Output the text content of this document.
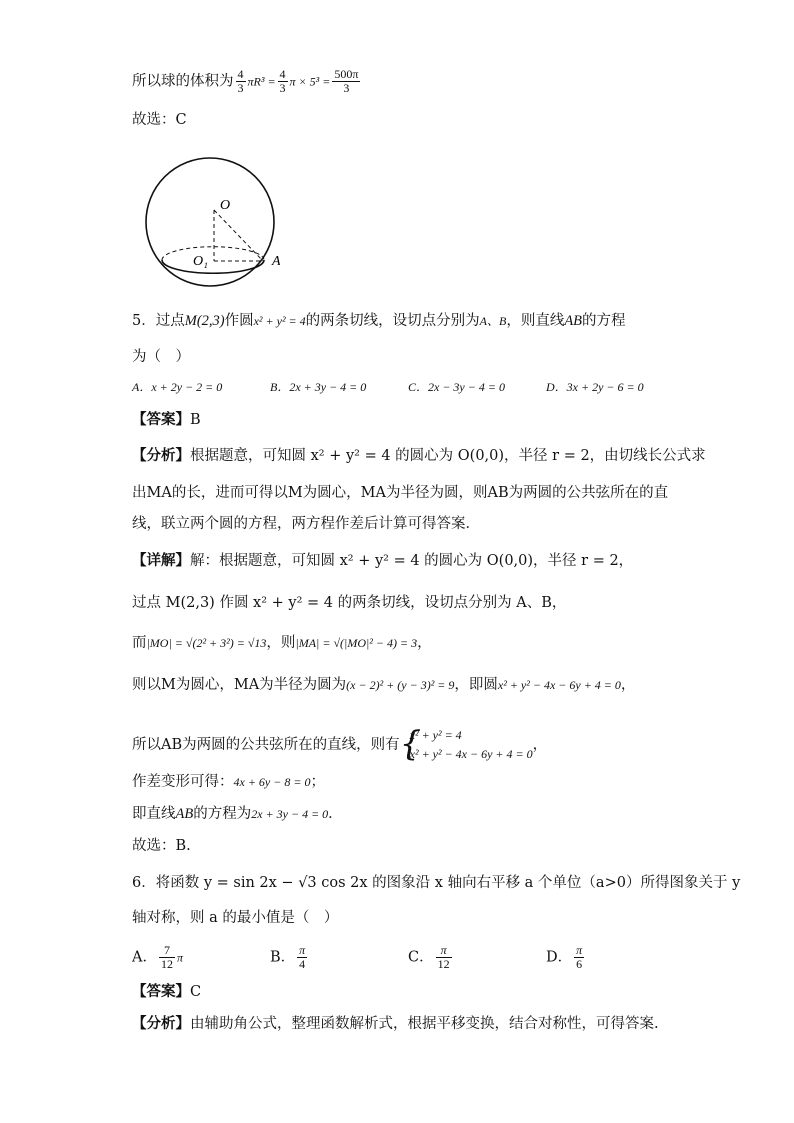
所以球的体积为 $\frac{4}{3} \pi R^3 = \frac{4}{3}$ $\pi \times 5^3 = \frac{500\pi}{3}$
故选：C
O
O₁	A
5．过点M(2,3)作圆x² + y² = 4的两条切线，设切点分别为A、B，则直线AB的方程
为（　）
A．x + 2y − 2 = 0	B．2x + 3y − 4 = 0	C．2x − 3y − 4 = 0	D．3x + 2y − 6 = 0
【答案】B
【分析】根据题意，可知圆 x² + y² = 4 的圆心为 O(0,0)，半径 r = 2，由切线长公式求
出MA的长，进而可得以M为圆心，MA为半径为圆，则AB为两圆的公共弦所在的直
线，联立两个圆的方程，两方程作差后计算可得答案．
【详解】解：根据题意，可知圆 x² + y² = 4 的圆心为 O(0,0)，半径 r = 2，
过点 M(2,3) 作圆 x² + y² = 4 的两条切线，设切点分别为 A、B，
而|MO| = √(2² + 3²) = √13，则|MA| = √(|MO|² − 4) = 3，
则以M为圆心，MA为半径为圆为(x − 2)² + (y − 3)² = 9，即圆x² + y² − 4x − 6y + 4 = 0，
所以AB为两圆的公共弦所在的直线，则有 {
x² + y² = 4
x² + y² − 4x − 6y + 4 = 0
，
作差变形可得：4x + 6y − 8 = 0；
即直线AB的方程为2x + 3y − 4 = 0．
故选：B.
6．将函数 y = sin 2x − √3 cos 2x 的图象沿 x 轴向右平移 a 个单位（a>0）所得图象关于 y
轴对称，则 a 的最小值是（　）
A． $\frac{7}{12}$ π	B． $\frac{\pi}{4}$	C． $\frac{\pi}{12}$	D． $\frac{\pi}{6}$
【答案】C
【分析】由辅助角公式，整理函数解析式，根据平移变换，结合对称性，可得答案.
